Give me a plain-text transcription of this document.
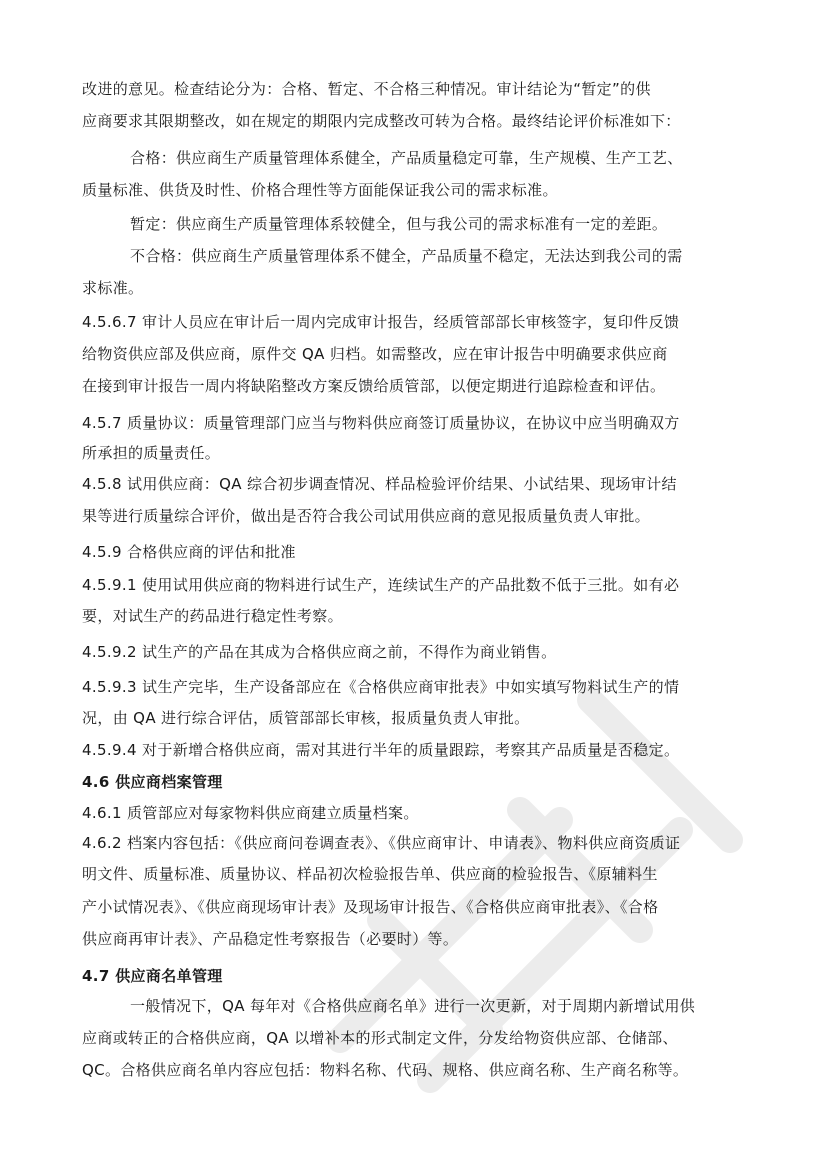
改进的意见。检查结论分为：合格、暂定、不合格三种情况。审计结论为“暂定”的供

应商要求其限期整改，如在规定的期限内完成整改可转为合格。最终结论评价标准如下：

合格：供应商生产质量管理体系健全，产品质量稳定可靠，生产规模、生产工艺、

质量标准、供货及时性、价格合理性等方面能保证我公司的需求标准。

暂定：供应商生产质量管理体系较健全，但与我公司的需求标准有一定的差距。

不合格：供应商生产质量管理体系不健全，产品质量不稳定，无法达到我公司的需

求标准。

4.5.6.7 审计人员应在审计后一周内完成审计报告，经质管部部长审核签字，复印件反馈

给物资供应部及供应商，原件交 QA 归档。如需整改，应在审计报告中明确要求供应商

在接到审计报告一周内将缺陷整改方案反馈给质管部，以便定期进行追踪检查和评估。

4.5.7 质量协议：质量管理部门应当与物料供应商签订质量协议，在协议中应当明确双方

所承担的质量责任。

4.5.8 试用供应商：QA 综合初步调查情况、样品检验评价结果、小试结果、现场审计结

果等进行质量综合评价，做出是否符合我公司试用供应商的意见报质量负责人审批。

4.5.9 合格供应商的评估和批准

4.5.9.1 使用试用供应商的物料进行试生产，连续试生产的产品批数不低于三批。如有必

要，对试生产的药品进行稳定性考察。

4.5.9.2 试生产的产品在其成为合格供应商之前，不得作为商业销售。

4.5.9.3 试生产完毕，生产设备部应在《合格供应商审批表》中如实填写物料试生产的情

况，由 QA 进行综合评估，质管部部长审核，报质量负责人审批。

4.5.9.4 对于新增合格供应商，需对其进行半年的质量跟踪，考察其产品质量是否稳定。

4.6 供应商档案管理

4.6.1 质管部应对每家物料供应商建立质量档案。

4.6.2 档案内容包括：《供应商问卷调查表》、《供应商审计、申请表》、物料供应商资质证

明文件、质量标准、质量协议、样品初次检验报告单、供应商的检验报告、《原辅料生

产小试情况表》、《供应商现场审计表》及现场审计报告、《合格供应商审批表》、《合格

供应商再审计表》、产品稳定性考察报告（必要时）等。

4.7 供应商名单管理

一般情况下，QA 每年对《合格供应商名单》进行一次更新，对于周期内新增试用供

应商或转正的合格供应商，QA 以增补本的形式制定文件，分发给物资供应部、仓储部、

QC。合格供应商名单内容应包括：物料名称、代码、规格、供应商名称、生产商名称等。
